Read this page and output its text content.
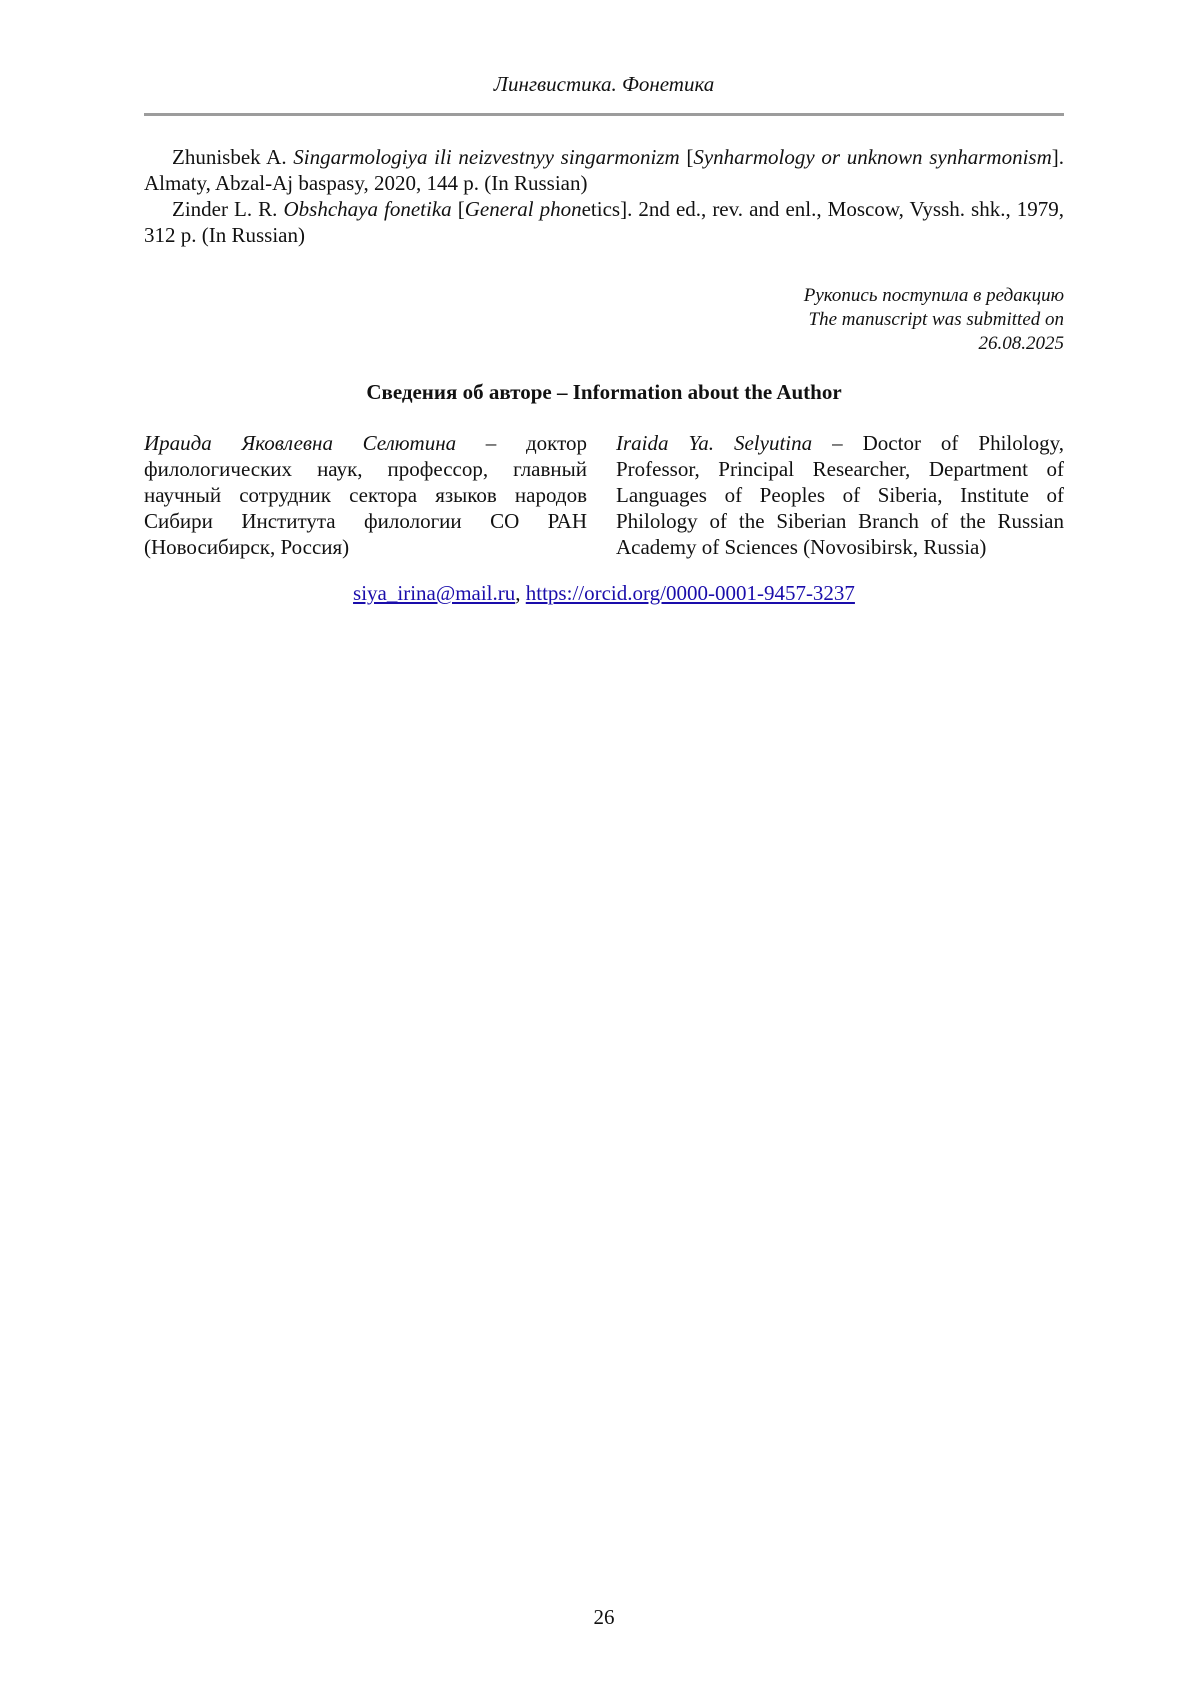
Лингвистика. Фонетика

Zhunisbek A. Singarmologiya ili neizvestnyy singarmonizm [Synharmology or unknown synharmonism]. Almaty, Abzal-Aj baspasy, 2020, 144 p. (In Russian)

Zinder L. R. Obshchaya fonetika [General phonetics]. 2nd ed., rev. and enl., Moscow, Vyssh. shk., 1979, 312 p. (In Russian)

Рукопись поступила в редакцию
The manuscript was submitted on
26.08.2025
Сведения об авторе – Information about the Author
Ираида Яковлевна Селютина – доктор филологических наук, профессор, главный научный сотрудник сектора языков народов Сибири Института филологии СО РАН (Новосибирск, Россия)
Iraida Ya. Selyutina – Doctor of Philology, Professor, Principal Researcher, Department of Languages of Peoples of Siberia, Institute of Philology of the Siberian Branch of the Russian Academy of Sciences (Novosibirsk, Russia)
siya_irina@mail.ru, https://orcid.org/0000-0001-9457-3237
26
